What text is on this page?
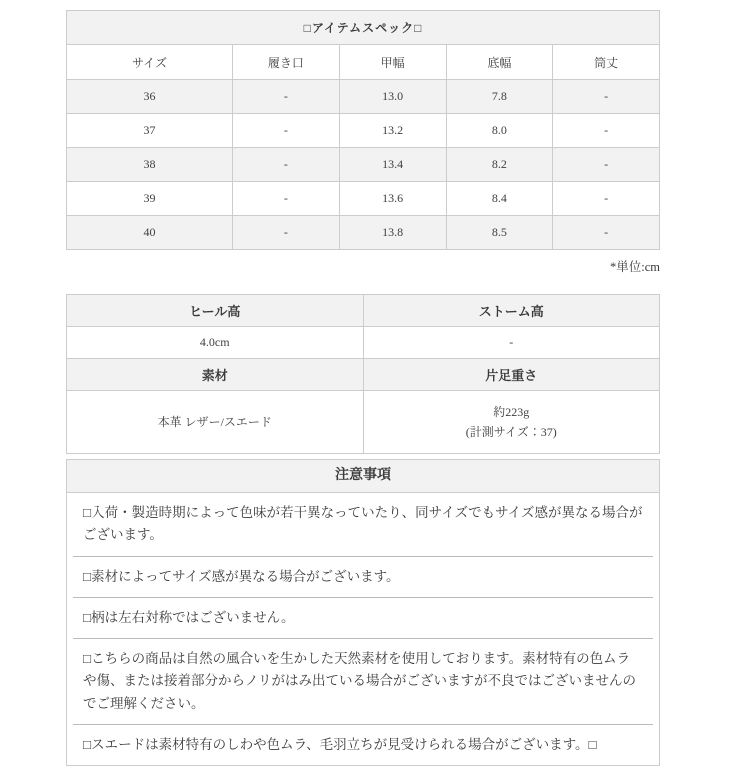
□アイテムスペック□				
サイズ	履き口	甲幅	底幅	筒丈
36	-	13.0	7.8	-
37	-	13.2	8.0	-
38	-	13.4	8.2	-
39	-	13.6	8.4	-
40	-	13.8	8.5	-
*単位:cm
ヒール高	ストーム高
4.0cm	-
素材	片足重さ
本革 レザー/スエード	約223g
(計測サイズ：37)
注意事項
□入荷・製造時期によって色味が若干異なっていたり、同サイズでもサイズ感が異なる場合がございます。
□素材によってサイズ感が異なる場合がございます。
□柄は左右対称ではございません。
□こちらの商品は自然の風合いを生かした天然素材を使用しております。素材特有の色ムラや傷、または接着部分からノリがはみ出ている場合がございますが不良ではございませんのでご理解ください。
□スエードは素材特有のしわや色ムラ、毛羽立ちが見受けられる場合がございます。□
